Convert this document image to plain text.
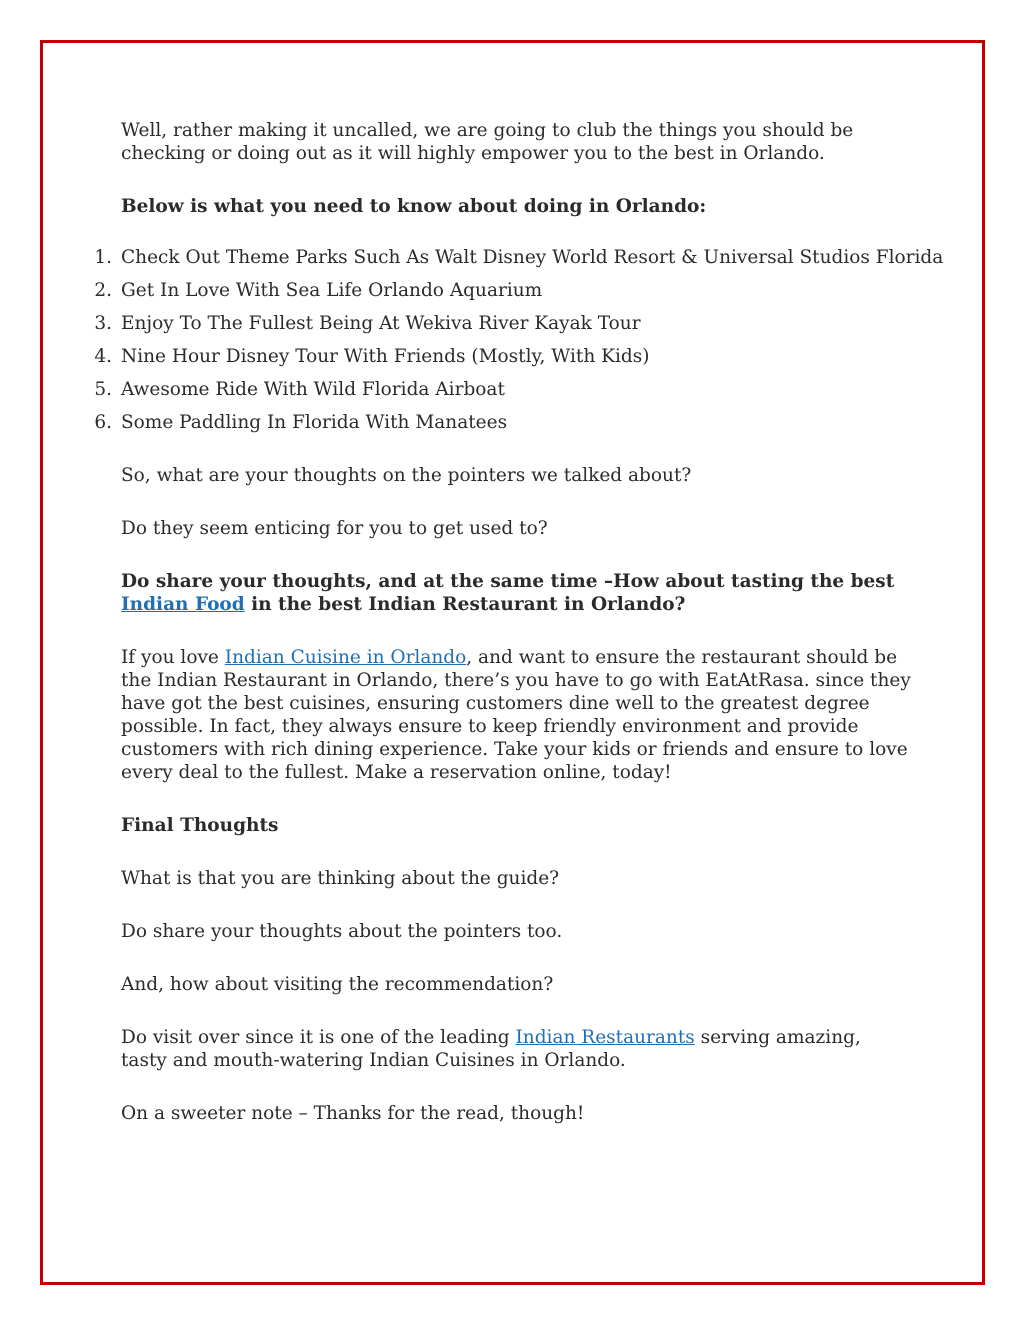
Well, rather making it uncalled, we are going to club the things you should be checking or doing out as it will highly empower you to the best in Orlando.

Below is what you need to know about doing in Orlando:

1. Check Out Theme Parks Such As Walt Disney World Resort & Universal Studios Florida
2. Get In Love With Sea Life Orlando Aquarium
3. Enjoy To The Fullest Being At Wekiva River Kayak Tour
4. Nine Hour Disney Tour With Friends (Mostly, With Kids)
5. Awesome Ride With Wild Florida Airboat
6. Some Paddling In Florida With Manatees

So, what are your thoughts on the pointers we talked about?

Do they seem enticing for you to get used to?

Do share your thoughts, and at the same time –How about tasting the best Indian Food in the best Indian Restaurant in Orlando?

If you love Indian Cuisine in Orlando, and want to ensure the restaurant should be the Indian Restaurant in Orlando, there’s you have to go with EatAtRasa. since they have got the best cuisines, ensuring customers dine well to the greatest degree possible. In fact, they always ensure to keep friendly environment and provide customers with rich dining experience. Take your kids or friends and ensure to love every deal to the fullest. Make a reservation online, today!

Final Thoughts

What is that you are thinking about the guide?

Do share your thoughts about the pointers too.

And, how about visiting the recommendation?

Do visit over since it is one of the leading Indian Restaurants serving amazing, tasty and mouth-watering Indian Cuisines in Orlando.

On a sweeter note – Thanks for the read, though!
